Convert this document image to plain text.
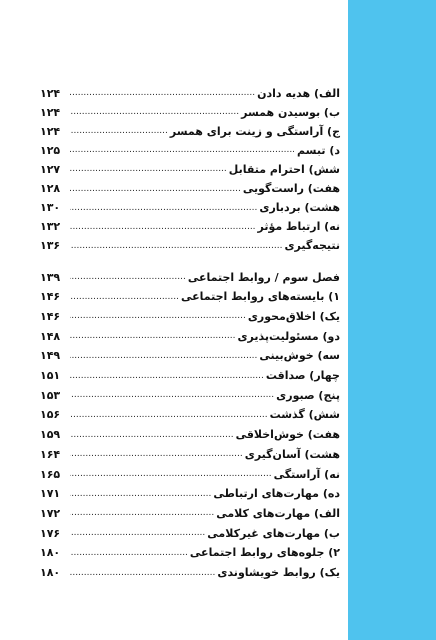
الف) هدیه دادن
.....
۱۲۴
ب) بوسیدن همسر
.....
۱۲۴
ج) آراستگی و زینت برای همسر
.....
۱۲۴
د) تبسم
.....
۱۲۵
شش) احترام متقابل
.....
۱۲۷
هفت) راست‌گویی
.....
۱۲۸
هشت) بردباری
.....
۱۳۰
نه) ارتباط مؤثر
.....
۱۳۲
نتیجه‌گیری
.....
۱۳۶
فصل سوم / روابط اجتماعی
.....
۱۳۹
۱) بایسته‌های روابط اجتماعی
.....
۱۴۶
یک) اخلاق‌محوری
.....
۱۴۶
دو) مسئولیت‌پذیری
.....
۱۴۸
سه) خوش‌بینی
.....
۱۴۹
چهار) صداقت
.....
۱۵۱
پنج) صبوری
.....
۱۵۳
شش) گذشت
.....
۱۵۶
هفت) خوش‌اخلاقی
.....
۱۵۹
هشت) آسان‌گیری
.....
۱۶۴
نه) آراستگی
.....
۱۶۵
ده) مهارت‌های ارتباطی
.....
۱۷۱
الف) مهارت‌های کلامی
.....
۱۷۲
ب) مهارت‌های غیرکلامی
.....
۱۷۶
۲) جلوه‌های روابط اجتماعی
.....
۱۸۰
یک) روابط خویشاوندی
.....
۱۸۰
